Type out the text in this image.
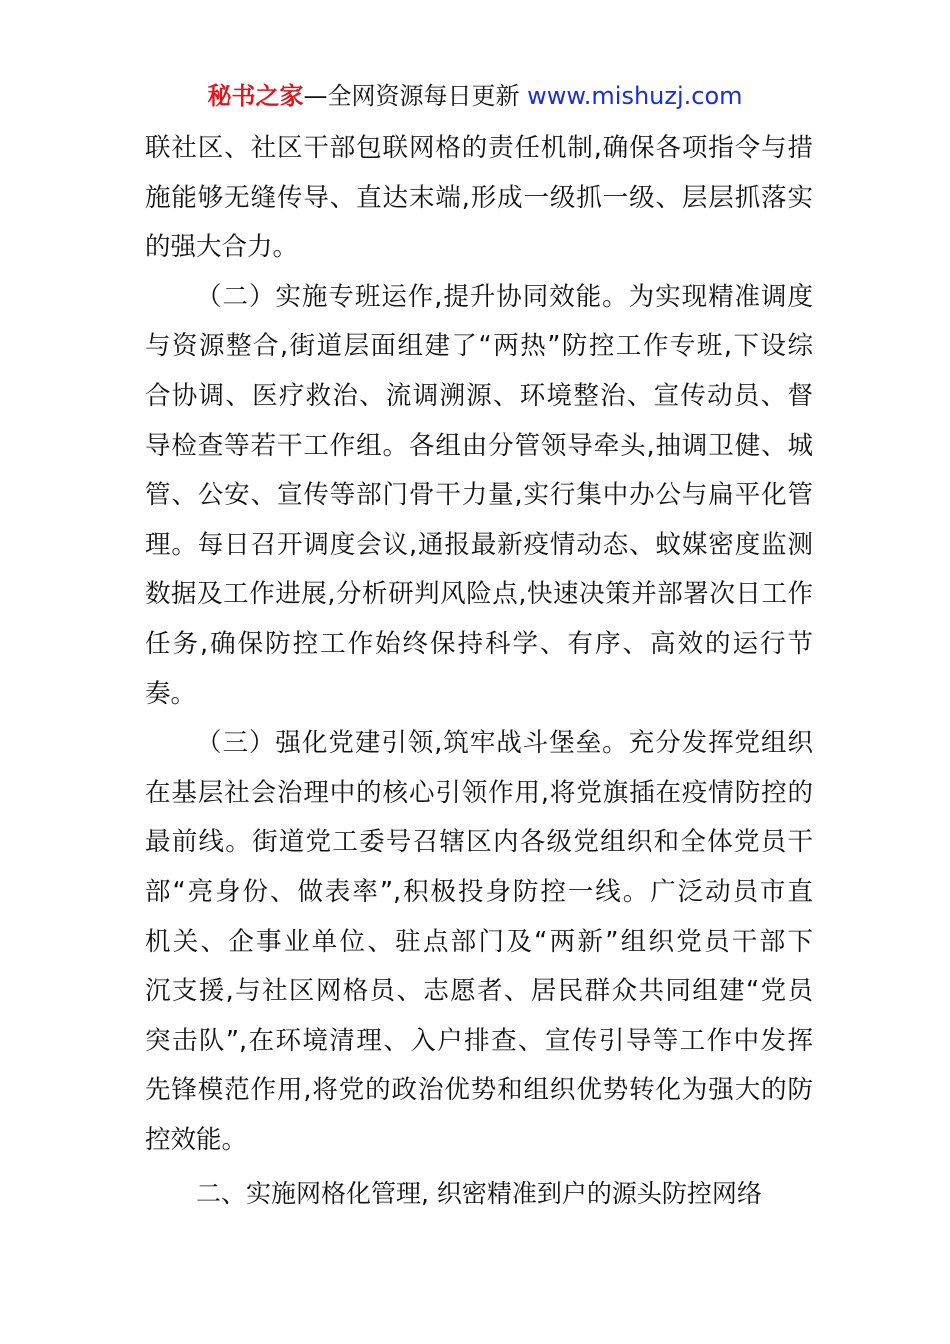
秘书之家—全网资源每日更新 www.mishuzj.com
联社区、社区干部包联网格的责任机制,确保各项指令与措
施能够无缝传导、直达末端,形成一级抓一级、层层抓落实
的强大合力。
（二）实施专班运作,提升协同效能。为实现精准调度
与资源整合,街道层面组建了“两热”防控工作专班,下设综
合协调、医疗救治、流调溯源、环境整治、宣传动员、督
导检查等若干工作组。各组由分管领导牵头,抽调卫健、城
管、公安、宣传等部门骨干力量,实行集中办公与扁平化管
理。每日召开调度会议,通报最新疫情动态、蚊媒密度监测
数据及工作进展,分析研判风险点,快速决策并部署次日工作
任务,确保防控工作始终保持科学、有序、高效的运行节
奏。
（三）强化党建引领,筑牢战斗堡垒。充分发挥党组织
在基层社会治理中的核心引领作用,将党旗插在疫情防控的
最前线。街道党工委号召辖区内各级党组织和全体党员干
部“亮身份、做表率”,积极投身防控一线。广泛动员市直
机关、企事业单位、驻点部门及“两新”组织党员干部下
沉支援,与社区网格员、志愿者、居民群众共同组建“党员
突击队”,在环境清理、入户排查、宣传引导等工作中发挥
先锋模范作用,将党的政治优势和组织优势转化为强大的防
控效能。
二、实施网格化管理, 织密精准到户的源头防控网络
